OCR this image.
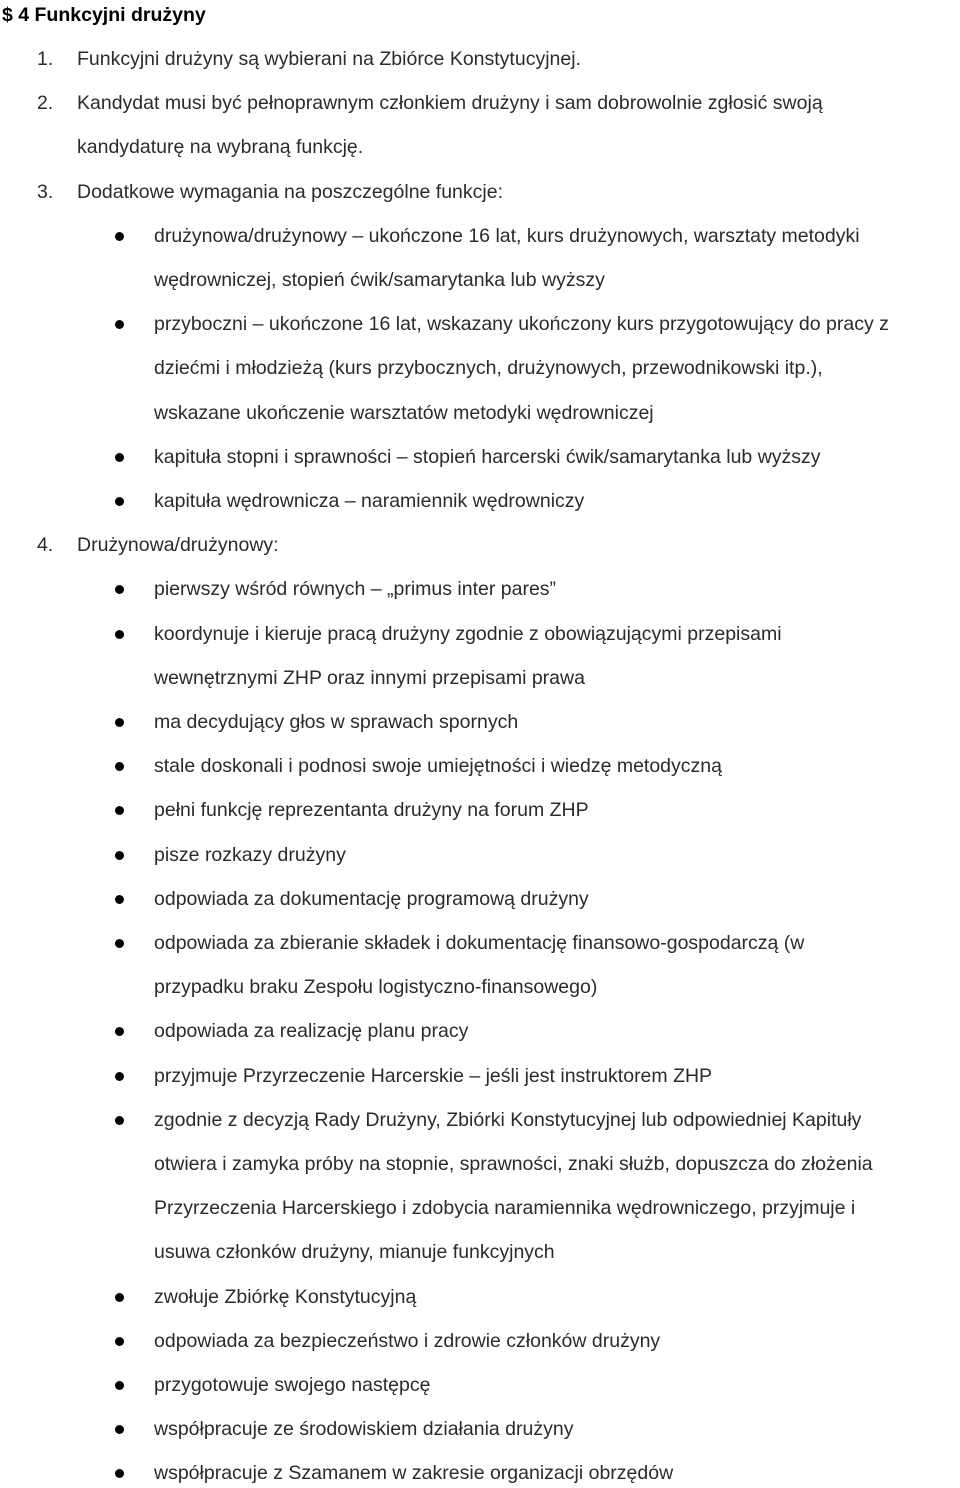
$ 4 Funkcyjni drużyny
1. Funkcyjni drużyny są wybierani na Zbiórce Konstytucyjnej.
2. Kandydat musi być pełnoprawnym członkiem drużyny i sam dobrowolnie zgłosić swoją
kandydaturę na wybraną funkcję.
3. Dodatkowe wymagania na poszczególne funkcje:
drużynowa/drużynowy – ukończone 16 lat, kurs drużynowych, warsztaty metodyki
wędrowniczej, stopień ćwik/samarytanka lub wyższy
przyboczni – ukończone 16 lat, wskazany ukończony kurs przygotowujący do pracy z
dziećmi i młodzieżą (kurs przybocznych, drużynowych, przewodnikowski itp.),
wskazane ukończenie warsztatów metodyki wędrowniczej
kapituła stopni i sprawności – stopień harcerski ćwik/samarytanka lub wyższy
kapituła wędrownicza – naramiennik wędrowniczy
4. Drużynowa/drużynowy:
pierwszy wśród równych – „primus inter pares”
koordynuje i kieruje pracą drużyny zgodnie z obowiązującymi przepisami
wewnętrznymi ZHP oraz innymi przepisami prawa
ma decydujący głos w sprawach spornych
stale doskonali i podnosi swoje umiejętności i wiedzę metodyczną
pełni funkcję reprezentanta drużyny na forum ZHP
pisze rozkazy drużyny
odpowiada za dokumentację programową drużyny
odpowiada za zbieranie składek i dokumentację finansowo-gospodarczą (w
przypadku braku Zespołu logistyczno-finansowego)
odpowiada za realizację planu pracy
przyjmuje Przyrzeczenie Harcerskie – jeśli jest instruktorem ZHP
zgodnie z decyzją Rady Drużyny, Zbiórki Konstytucyjnej lub odpowiedniej Kapituły
otwiera i zamyka próby na stopnie, sprawności, znaki służb, dopuszcza do złożenia
Przyrzeczenia Harcerskiego i zdobycia naramiennika wędrowniczego, przyjmuje i
usuwa członków drużyny, mianuje funkcyjnych
zwołuje Zbiórkę Konstytucyjną
odpowiada za bezpieczeństwo i zdrowie członków drużyny
przygotowuje swojego następcę
współpracuje ze środowiskiem działania drużyny
współpracuje z Szamanem w zakresie organizacji obrzędów
